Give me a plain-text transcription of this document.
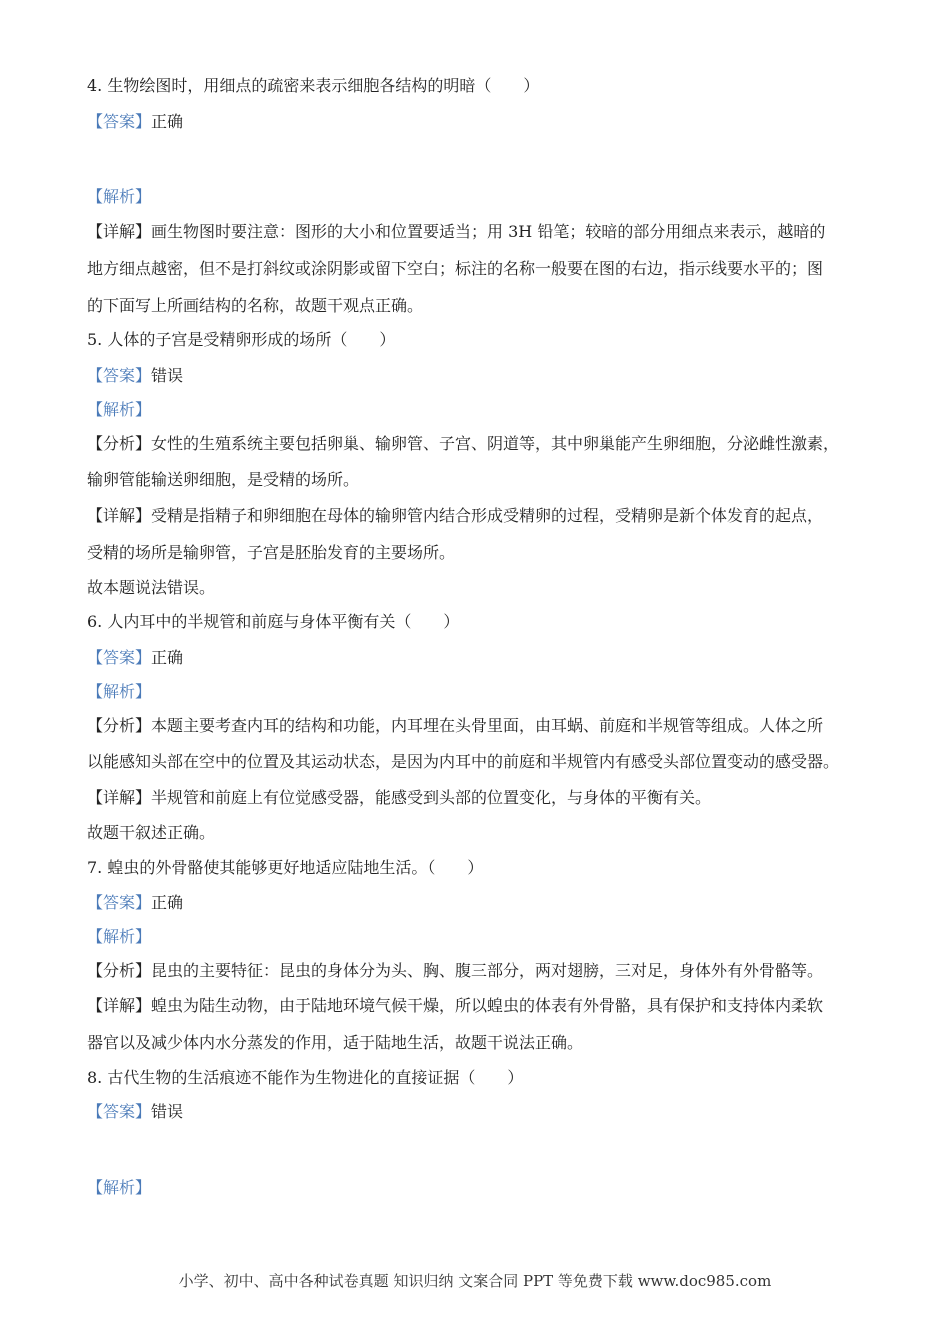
4. 生物绘图时，用细点的疏密来表示细胞各结构的明暗（　　）
【答案】正确
【解析】
【详解】画生物图时要注意：图形的大小和位置要适当；用 3H 铅笔；较暗的部分用细点来表示，越暗的
地方细点越密，但不是打斜纹或涂阴影或留下空白；标注的名称一般要在图的右边，指示线要水平的；图
的下面写上所画结构的名称，故题干观点正确。
5. 人体的子宫是受精卵形成的场所（　　）
【答案】错误
【解析】
【分析】女性的生殖系统主要包括卵巢、输卵管、子宫、阴道等，其中卵巢能产生卵细胞，分泌雌性激素，
输卵管能输送卵细胞，是受精的场所。
【详解】受精是指精子和卵细胞在母体的输卵管内结合形成受精卵的过程，受精卵是新个体发育的起点，
受精的场所是输卵管，子宫是胚胎发育的主要场所。
故本题说法错误。
6. 人内耳中的半规管和前庭与身体平衡有关（　　）
【答案】正确
【解析】
【分析】本题主要考查内耳的结构和功能，内耳埋在头骨里面，由耳蜗、前庭和半规管等组成。人体之所
以能感知头部在空中的位置及其运动状态，是因为内耳中的前庭和半规管内有感受头部位置变动的感受器。
【详解】半规管和前庭上有位觉感受器，能感受到头部的位置变化，与身体的平衡有关。
故题干叙述正确。
7. 蝗虫的外骨骼使其能够更好地适应陆地生活。（　　）
【答案】正确
【解析】
【分析】昆虫的主要特征：昆虫的身体分为头、胸、腹三部分，两对翅膀，三对足，身体外有外骨骼等。
【详解】蝗虫为陆生动物，由于陆地环境气候干燥，所以蝗虫的体表有外骨骼，具有保护和支持体内柔软
器官以及减少体内水分蒸发的作用，适于陆地生活，故题干说法正确。
8. 古代生物的生活痕迹不能作为生物进化的直接证据（　　）
【答案】错误
【解析】
小学、初中、高中各种试卷真题 知识归纳 文案合同 PPT 等免费下载 www.doc985.com
